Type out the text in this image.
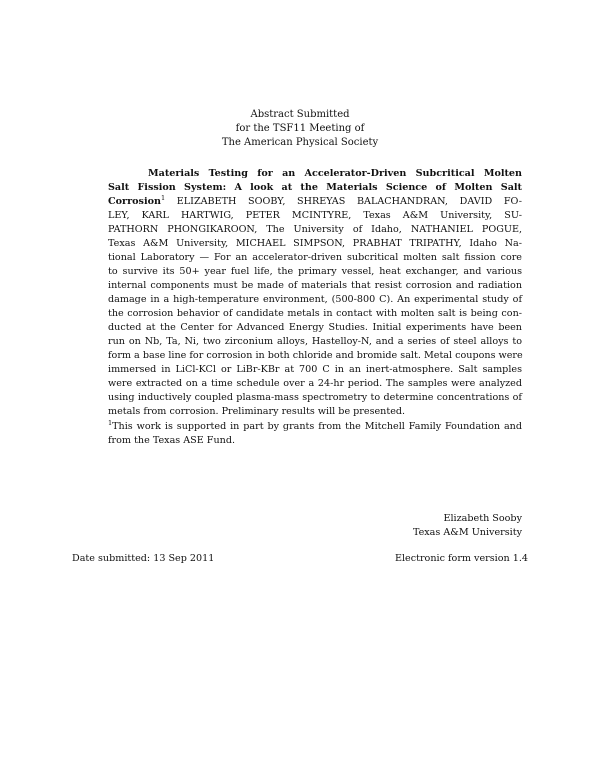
Abstract Submitted
for the TSF11 Meeting of
The American Physical Society
Materials Testing for an Accelerator-Driven Subcritical Molten
Salt Fission System: A look at the Materials Science of Molten Salt
Corrosion$^1$ ELIZABETH SOOBY, SHREYAS BALACHANDRAN, DAVID FO-
LEY, KARL HARTWIG, PETER MCINTYRE, Texas A&M University, SU-
PATHORN PHONGIKAROON, The University of Idaho, NATHANIEL POGUE,
Texas A&M University, MICHAEL SIMPSON, PRABHAT TRIPATHY, Idaho Na-
tional Laboratory — For an accelerator-driven subcritical molten salt fission core
to survive its 50+ year fuel life, the primary vessel, heat exchanger, and various
internal components must be made of materials that resist corrosion and radiation
damage in a high-temperature environment, (500-800 C). An experimental study of
the corrosion behavior of candidate metals in contact with molten salt is being con-
ducted at the Center for Advanced Energy Studies. Initial experiments have been
run on Nb, Ta, Ni, two zirconium alloys, Hastelloy-N, and a series of steel alloys to
form a base line for corrosion in both chloride and bromide salt. Metal coupons were
immersed in LiCl-KCl or LiBr-KBr at 700 C in an inert-atmosphere. Salt samples
were extracted on a time schedule over a 24-hr period. The samples were analyzed
using inductively coupled plasma-mass spectrometry to determine concentrations of
metals from corrosion. Preliminary results will be presented.
$^1$This work is supported in part by grants from the Mitchell Family Foundation and
from the Texas ASE Fund.
Elizabeth Sooby
Texas A&M University
Date submitted: 13 Sep 2011	Electronic form version 1.4
